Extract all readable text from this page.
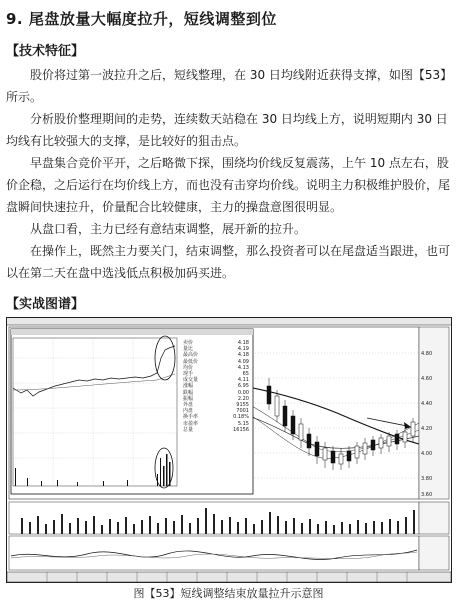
9. 尾盘放量大幅度拉升，短线调整到位
【技术特征】

股价将过第一波拉升之后，短线整理，在 30 日均线附近获得支撑，如图【53】所示。

分析股价整理期间的走势，连续数天站稳在 30 日均线上方，说明短期内 30 日均线有比较强大的支撑，是比较好的狙击点。

早盘集合竞价平开，之后略微下探，围绕均价线反复震荡，上午 10 点左右，股价企稳，之后运行在均价线上方，而也没有击穿均价线。说明主力积极维护股价，尾盘瞬间快速拉升，价量配合比较健康，主力的操盘意图很明显。

从盘口看，主力已经有意结束调整，展开新的拉升。

在操作上，既然主力要关门，结束调整，那么投资者可以在尾盘适当跟进，也可以在第二天在盘中选浅低点积极加码买进。

【实战图谱】
4.80
4.60
4.40
4.20
4.00
3.80
3.60
卖价	4.18
量比	4.19
最高价	4.18
最低价	4.09
均价	4.13
现手	65
成交量	4.11
涨幅	6.95
跌幅	0.00
振幅	2.20
外盘	9155
内盘	7001
换手率	0.18%
市盈率	5.15
总量	16156
图【53】短线调整结束放量拉升示意图
